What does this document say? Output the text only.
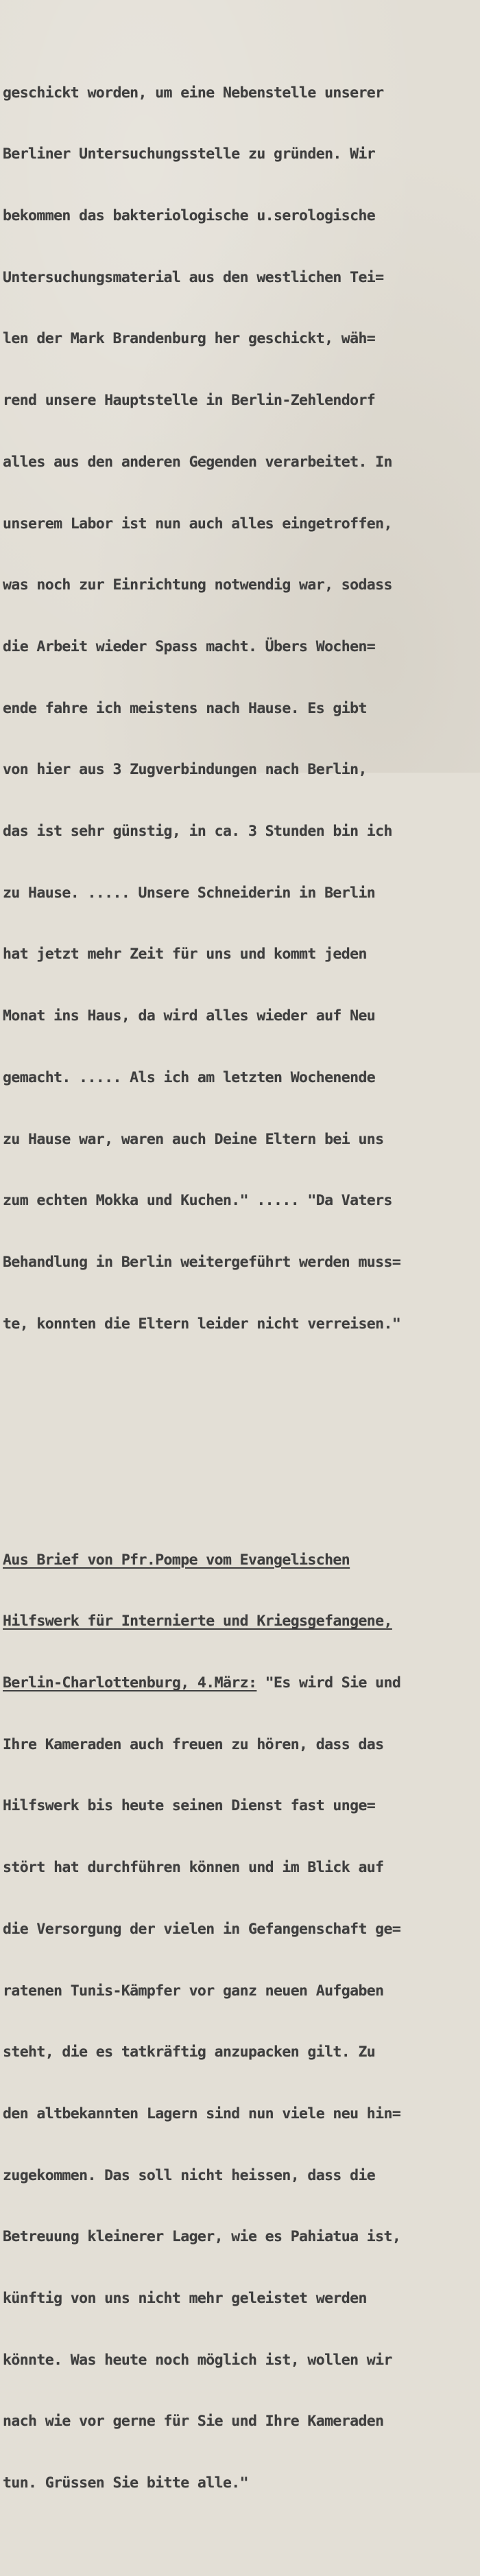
geschickt worden, um eine Nebenstelle unserer

Berliner Untersuchungsstelle zu gründen. Wir

bekommen das bakteriologische u.serologische

Untersuchungsmaterial aus den westlichen Tei=

len der Mark Brandenburg her geschickt, wäh=

rend unsere Hauptstelle in Berlin-Zehlendorf

alles aus den anderen Gegenden verarbeitet. In

unserem Labor ist nun auch alles eingetroffen,

was noch zur Einrichtung notwendig war, sodass

die Arbeit wieder Spass macht. Übers Wochen=

ende fahre ich meistens nach Hause. Es gibt

von hier aus 3 Zugverbindungen nach Berlin,

das ist sehr günstig, in ca. 3 Stunden bin ich

zu Hause. ..... Unsere Schneiderin in Berlin

hat jetzt mehr Zeit für uns und kommt jeden

Monat ins Haus, da wird alles wieder auf Neu

gemacht. ..... Als ich am letzten Wochenende

zu Hause war, waren auch Deine Eltern bei uns

zum echten Mokka und Kuchen." ..... "Da Vaters

Behandlung in Berlin weitergeführt werden muss=

te, konnten die Eltern leider nicht verreisen."

Aus Brief von Pfr.Pompe vom Evangelischen

Hilfswerk für Internierte und Kriegsgefangene,

Berlin-Charlottenburg, 4.März: "Es wird Sie und

Ihre Kameraden auch freuen zu hören, dass das

Hilfswerk bis heute seinen Dienst fast unge=

stört hat durchführen können und im Blick auf

die Versorgung der vielen in Gefangenschaft ge=

ratenen Tunis-Kämpfer vor ganz neuen Aufgaben

steht, die es tatkräftig anzupacken gilt. Zu

den altbekannten Lagern sind nun viele neu hin=

zugekommen. Das soll nicht heissen, dass die

Betreuung kleinerer Lager, wie es Pahiatua ist,

künftig von uns nicht mehr geleistet werden

könnte. Was heute noch möglich ist, wollen wir

nach wie vor gerne für Sie und Ihre Kameraden

tun. Grüssen Sie bitte alle."
